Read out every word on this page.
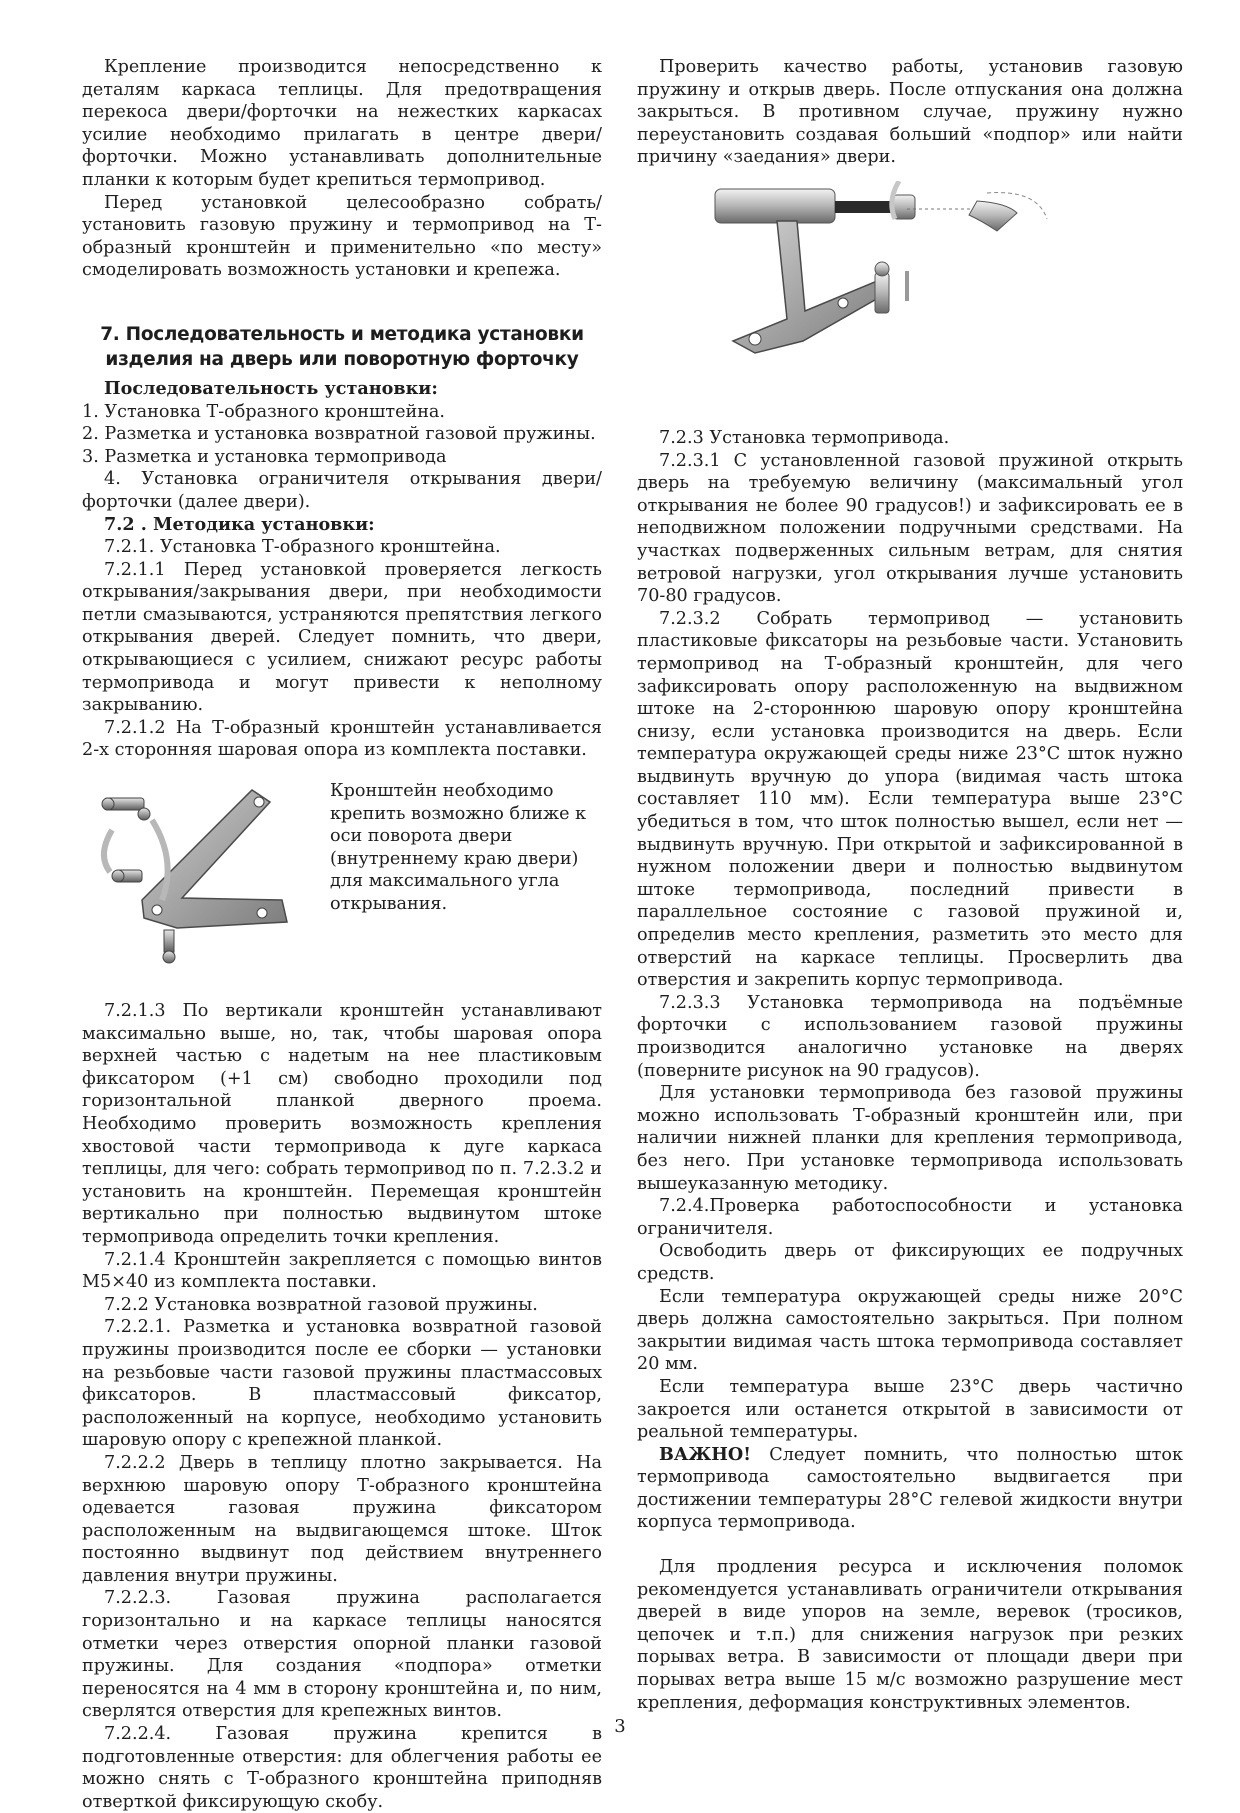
Крепление производится непосредственно к деталям каркаса теплицы. Для предотвращения перекоса двери/форточки на нежестких каркасах усилие необходимо прилагать в центре двери/форточки. Можно устанавливать дополнительные планки к которым будет крепиться термопривод.

Перед установкой целесообразно собрать/установить газовую пружину и термопривод на Т-образный кронштейн и применительно «по месту» смоделировать возможность установки и крепежа.

7. Последовательность и методика установки изделия на дверь или поворотную форточку

Последовательность установки:

1. Установка Т-образного кронштейна.

2. Разметка и установка возвратной газовой пружины.

3. Разметка и установка термопривода

4. Установка ограничителя открывания двери/форточки (далее двери).

7.2 . Методика установки:

7.2.1. Установка Т-образного кронштейна.

7.2.1.1 Перед установкой проверяется легкость открывания/закрывания двери, при необходимости петли смазываются, устраняются препятствия легкого открывания дверей. Следует помнить, что двери, открывающиеся с усилием, снижают ресурс работы термопривода и могут привести к неполному закрыванию.

7.2.1.2 На Т-образный кронштейн устанавливается 2-х сторонняя шаровая опора из комплекта поставки.

Кронштейн необходимо крепить возможно ближе к оси поворота двери (внутреннему краю двери) для максимального угла открывания.

7.2.1.3 По вертикали кронштейн устанавливают максимально выше, но, так, чтобы шаровая опора верхней частью с надетым на нее пластиковым фиксатором (+1 см) свободно проходили под горизонтальной планкой дверного проема. Необходимо проверить возможность крепления хвостовой части термопривода к дуге каркаса теплицы, для чего: собрать термопривод по п. 7.2.3.2 и установить на кронштейн. Перемещая кронштейн вертикально при полностью выдвинутом штоке термопривода определить точки крепления.

7.2.1.4 Кронштейн закрепляется с помощью винтов М5×40 из комплекта поставки.

7.2.2 Установка возвратной газовой пружины.

7.2.2.1. Разметка и установка возвратной газовой пружины производится после ее сборки — установки на резьбовые части газовой пружины пластмассовых фиксаторов. В пластмассовый фиксатор, расположенный на корпусе, необходимо установить шаровую опору с крепежной планкой.

7.2.2.2 Дверь в теплицу плотно закрывается. На верхнюю шаровую опору Т-образного кронштейна одевается газовая пружина фиксатором расположенным на выдвигающемся штоке. Шток постоянно выдвинут под действием внутреннего давления внутри пружины.

7.2.2.3. Газовая пружина располагается горизонтально и на каркасе теплицы наносятся отметки через отверстия опорной планки газовой пружины. Для создания «подпора» отметки переносятся на 4 мм в сторону кронштейна и, по ним, сверлятся отверстия для крепежных винтов.

7.2.2.4. Газовая пружина крепится в подготовленные отверстия: для облегчения работы ее можно снять с Т-образного кронштейна приподняв отверткой фиксирующую скобу.

Проверить качество работы, установив газовую пружину и открыв дверь. После отпускания она должна закрыться. В противном случае, пружину нужно переустановить создавая больший «подпор» или найти причину «заедания» двери.

7.2.3 Установка термопривода.

7.2.3.1 С установленной газовой пружиной открыть дверь на требуемую величину (максимальный угол открывания не более 90 градусов!) и зафиксировать ее в неподвижном положении подручными средствами. На участках подверженных сильным ветрам, для снятия ветровой нагрузки, угол открывания лучше установить 70-80 градусов.

7.2.3.2 Собрать термопривод — установить пластиковые фиксаторы на резьбовые части. Установить термопривод на Т-образный кронштейн, для чего зафиксировать опору расположенную на выдвижном штоке на 2-стороннюю шаровую опору кронштейна снизу, если установка производится на дверь. Если температура окружающей среды ниже 23°С шток нужно выдвинуть вручную до упора (видимая часть штока составляет 110 мм). Если температура выше 23°С убедиться в том, что шток полностью вышел, если нет — выдвинуть вручную. При открытой и зафиксированной в нужном положении двери и полностью выдвинутом штоке термопривода, последний привести в параллельное состояние с газовой пружиной и, определив место крепления, разметить это место для отверстий на каркасе теплицы. Просверлить два отверстия и закрепить корпус термопривода.

7.2.3.3 Установка термопривода на подъёмные форточки с использованием газовой пружины производится аналогично установке на дверях (поверните рисунок на 90 градусов).

Для установки термопривода без газовой пружины можно использовать Т-образный кронштейн или, при наличии нижней планки для крепления термопривода, без него. При установке термопривода использовать вышеуказанную методику.

7.2.4.Проверка работоспособности и установка ограничителя.

Освободить дверь от фиксирующих ее подручных средств.

Если температура окружающей среды ниже 20°С дверь должна самостоятельно закрыться. При полном закрытии видимая часть штока термопривода составляет 20 мм.

Если температура выше 23°С дверь частично закроется или останется открытой в зависимости от реальной температуры.

ВАЖНО! Следует помнить, что полностью шток термопривода самостоятельно выдвигается при достижении температуры 28°С гелевой жидкости внутри корпуса термопривода.

Для продления ресурса и исключения поломок рекомендуется устанавливать ограничители открывания дверей в виде упоров на земле, веревок (тросиков, цепочек и т.п.) для снижения нагрузок при резких порывах ветра. В зависимости от площади двери при порывах ветра выше 15 м/с возможно разрушение мест крепления, деформация конструктивных элементов.

3
